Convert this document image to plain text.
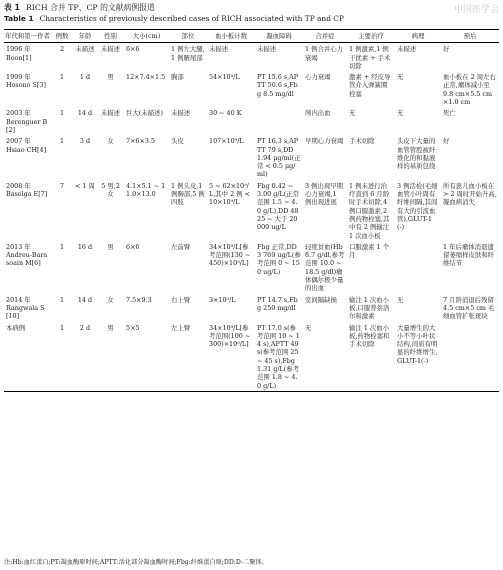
表 1 RICH 合并 TP、CP 的文献病例报道
Table 1 Characteristics of previously described cases of RICH associated with TP and CP
中国医学会
年代和第一作者	例数	年龄	性别	大小(cm)	部位	血小板计数	凝血障碍	合并症	主要治疗	病理	预后
1996 年
Boon[1]	2	未描述	未描述	6×6	1 例左大腿,1 例腋尾部	未描述	未描述	1 例合并心力衰竭	1 例激素,1 例干扰素 + 手术切除	未描述	好
1999 年
Hosono S[3]	1	1 d	男	12×7.4×1.5	胸部	54×10⁹/L	PT 15.6 s,APTT 50.6 s,Fbg 8.5 mg/dl	心力衰竭	激素 + 经皮导管介入弹簧圈栓塞	无	血小板在 2 周左右正常,瘤体减小至 9.8 cm×5.5 cm×1.0 cm
2003 年
Berenguer B[2]	1	14 d	未描述	巨大(未描述)	未描述	30 ~ 40 K		颅内出血	无	无	死亡
2007 年
Hsiao CH[4]	1	3 d	女	7×6×3.5	头皮	107×10⁹/L	PT 16.3 s,APTT 79 s,DD 1.94 μg/ml(正常 < 0.5 μg/ml)	早期心力衰竭	手术切除	头皮下大量的血管管腔被纤维化的和黏液样的基质包绕	好
2008 年
Baselga E[7]	7	< 1 周	5 男,2 女	4.1×5.1 ~ 11.0×13.0	1 例头皮,1 例胸部,5 例四肢	5 ~ 62×10⁹/L,其中 2 例 < 10×10⁹/L	Fbg 0.42 ~ 3.00 g/L(正常范围 1.5 ~ 4.0 g/L),DD 4825 ~ 大于 20000 ug/L	3 例出现早期心力衰竭,1 例出现进展	1 例未进行治疗直到 6 月龄时手术切除,4 例口服激素,2 例药物栓塞,其中有 2 例输注 1 次血小板	3 例活检(毛细血管小叶周有纤维间隔,其间有大的引流血管),GLUT-1(-)	所有患儿血小板在 > 2 周时开始升高,凝血病消失
2013 年
Andreu-Barasoain M[6]	1	16 d	男	6×6	左前臂	34×10⁹/L[参考范围(130 ~ 450)×10⁹/L]	Fbg 正常,DD 3 769 ug/L(参考范围 0 ~ 150 ug/L)	轻度贫血(Hb 8.7 g/dl,参考范围 10.0 ~ 18.5 g/dl)瘤体偶尔极少量的出血	口服激素 1 个月		1 年后瘤体消退遗留萎缩样皮肤和纤维结节
2014 年
Rangwala S[10]	1	14 d	女	7.5×9.3	右上臂	3×10⁹/L	PT 14.7 s,Fbg 250 mg/dl	室间隔缺损	输注 1 次血小板,口服普萘洛尔和激素	无	7 月龄消退后残留 4.5 cm×5 cm 毛细血管扩张斑块
本病例	1	2 d	男	5×5	左上臂	34×10⁹/L[参考范围(100 ~ 300)×10⁹/L]	PT 17.0 s(参考范围 10 ~ 14 s),APTT 49 s(参考范围 25 ~ 45 s),Fbg 1.31 g/L(参考范围 1.8 ~ 4.0 g/L)	无	输注 1 次血小板,药物栓塞和手术切除	大量增生的大小不等小叶状结构,间质有明显的纤维增生,GLUT-1(-)	
注:Hb:血红蛋白;PT:凝血酶原时间;APTT:活化部分凝血酶时间;Fbg:纤维蛋白原;DD:D-二聚体。
